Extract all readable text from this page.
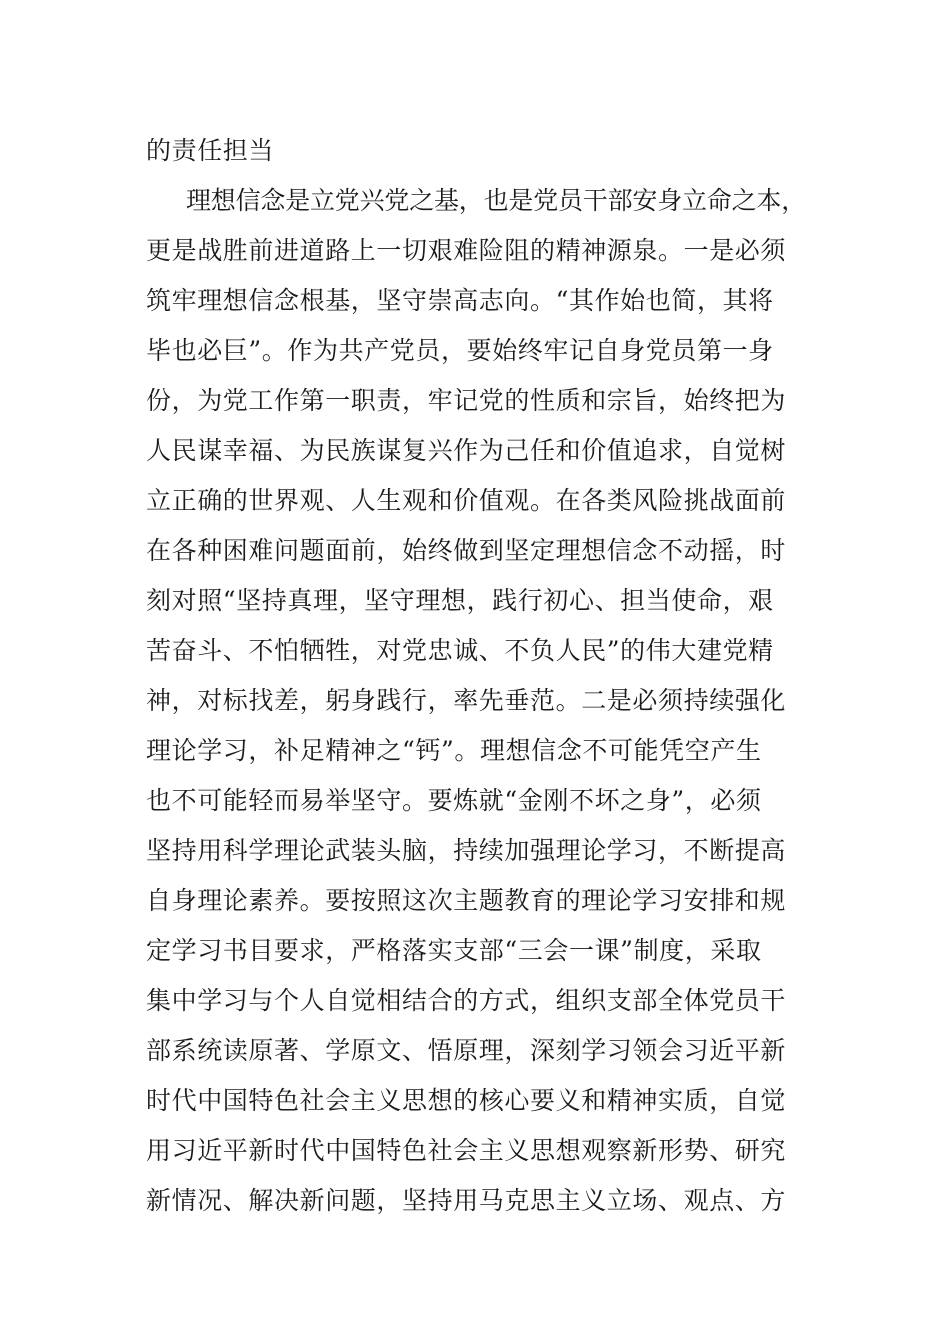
的责任担当
理想信念是立党兴党之基，也是党员干部安身立命之本，
更是战胜前进道路上一切艰难险阻的精神源泉。一是必须
筑牢理想信念根基，坚守崇高志向。“其作始也简，其将
毕也必巨”。作为共产党员，要始终牢记自身党员第一身
份，为党工作第一职责，牢记党的性质和宗旨，始终把为
人民谋幸福、为民族谋复兴作为己任和价值追求，自觉树
立正确的世界观、人生观和价值观。在各类风险挑战面前
在各种困难问题面前，始终做到坚定理想信念不动摇，时
刻对照“坚持真理，坚守理想，践行初心、担当使命，艰
苦奋斗、不怕牺牲，对党忠诚、不负人民”的伟大建党精
神，对标找差，躬身践行，率先垂范。二是必须持续强化
理论学习，补足精神之“钙”。理想信念不可能凭空产生
也不可能轻而易举坚守。要炼就“金刚不坏之身”，必须
坚持用科学理论武装头脑，持续加强理论学习，不断提高
自身理论素养。要按照这次主题教育的理论学习安排和规
定学习书目要求，严格落实支部“三会一课”制度，采取
集中学习与个人自觉相结合的方式，组织支部全体党员干
部系统读原著、学原文、悟原理，深刻学习领会习近平新
时代中国特色社会主义思想的核心要义和精神实质，自觉
用习近平新时代中国特色社会主义思想观察新形势、研究
新情况、解决新问题，坚持用马克思主义立场、观点、方
